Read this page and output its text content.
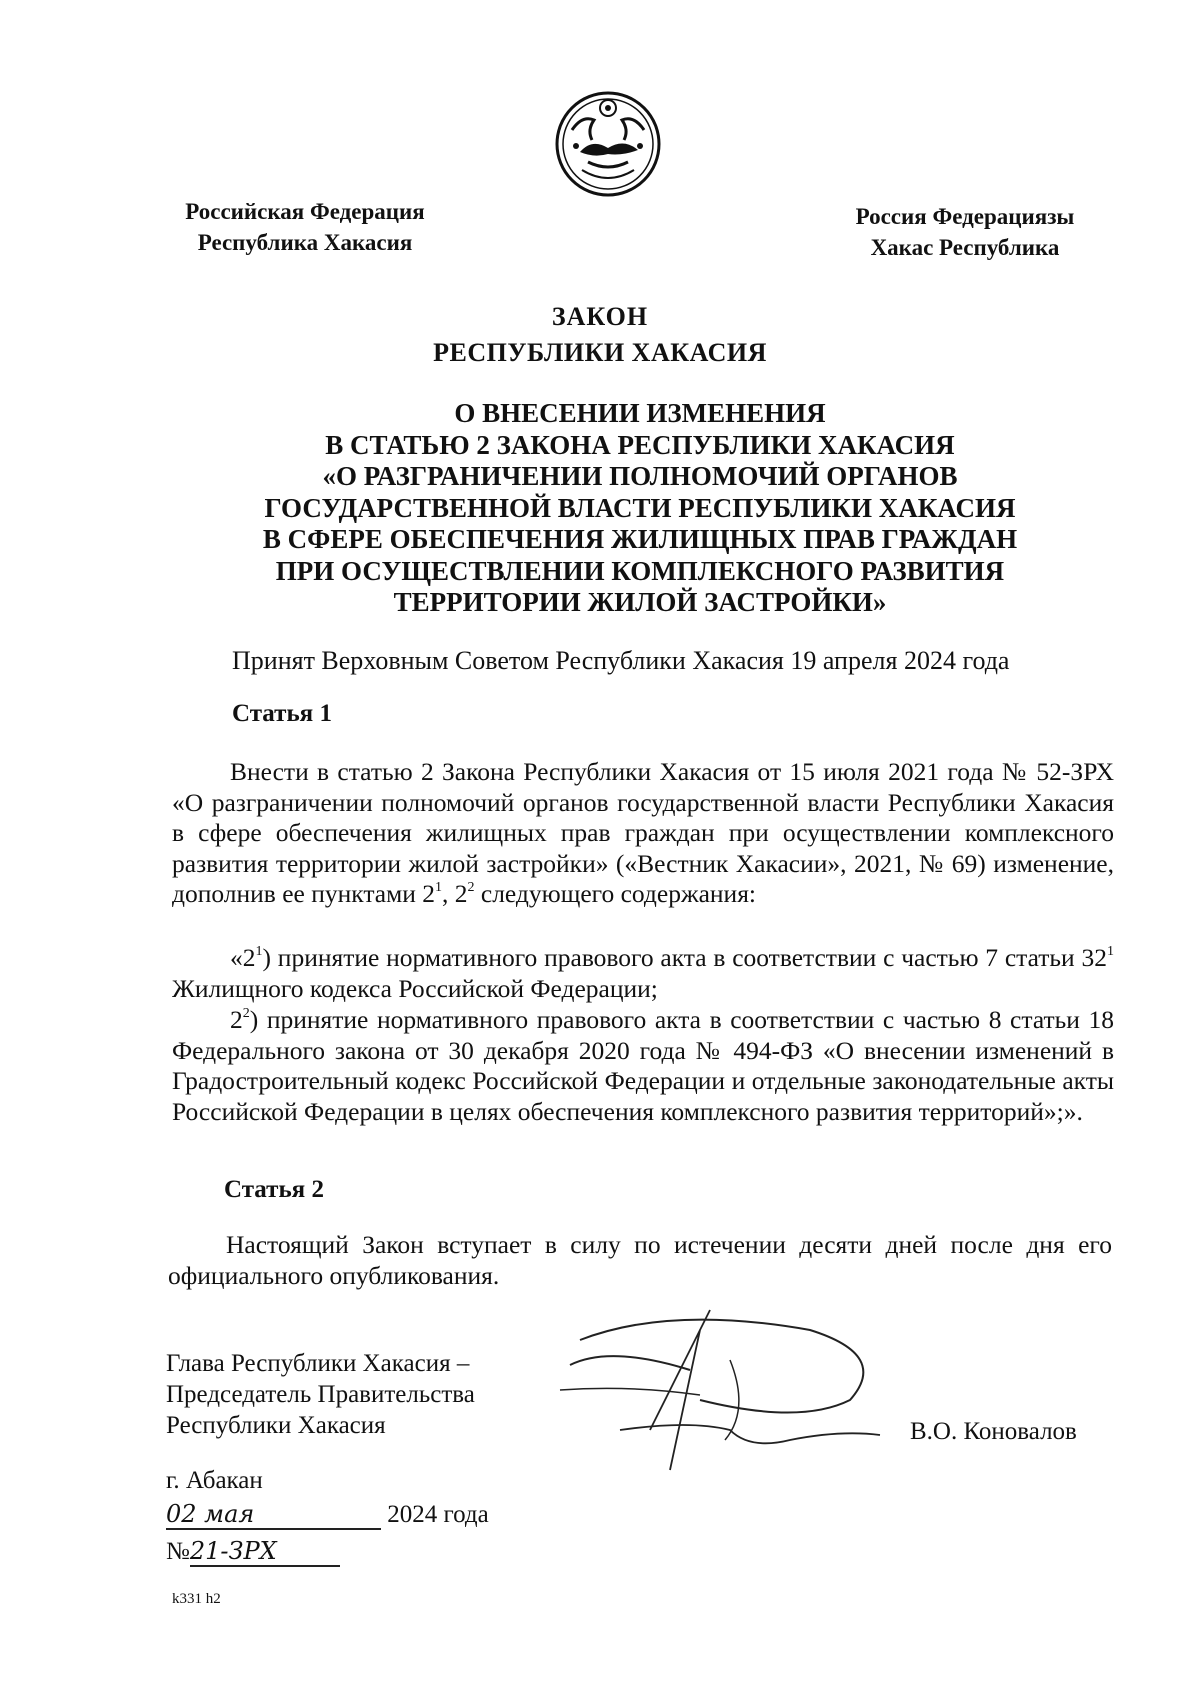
Российская Федерация
Республика Хакасия
Россия Федерациязы
Хакас Республика
ЗАКОН
РЕСПУБЛИКИ ХАКАСИЯ
О ВНЕСЕНИИ ИЗМЕНЕНИЯ
В СТАТЬЮ 2 ЗАКОНА РЕСПУБЛИКИ ХАКАСИЯ
«О РАЗГРАНИЧЕНИИ ПОЛНОМОЧИЙ ОРГАНОВ
ГОСУДАРСТВЕННОЙ ВЛАСТИ РЕСПУБЛИКИ ХАКАСИЯ
В СФЕРЕ ОБЕСПЕЧЕНИЯ ЖИЛИЩНЫХ ПРАВ ГРАЖДАН
ПРИ ОСУЩЕСТВЛЕНИИ КОМПЛЕКСНОГО РАЗВИТИЯ
ТЕРРИТОРИИ ЖИЛОЙ ЗАСТРОЙКИ»
Принят Верховным Советом Республики Хакасия 19 апреля 2024 года
Статья 1
Внести в статью 2 Закона Республики Хакасия от 15 июля 2021 года № 52-ЗРХ «О разграничении полномочий органов государственной власти Республики Хакасия в сфере обеспечения жилищных прав граждан при осуществлении комплексного развития территории жилой застройки» («Вестник Хакасии», 2021, № 69) изменение, дополнив ее пунктами $2^1$, $2^2$ следующего содержания:
«$2^1$) принятие нормативного правового акта в соответствии с частью 7 статьи $32^1$ Жилищного кодекса Российской Федерации;
$2^2$) принятие нормативного правового акта в соответствии с частью 8 статьи 18 Федерального закона от 30 декабря 2020 года № 494-ФЗ «О внесении изменений в Градостроительный кодекс Российской Федерации и отдельные законодательные акты Российской Федерации в целях обеспечения комплексного развития территорий»;».
Статья 2
Настоящий Закон вступает в силу по истечении десяти дней после дня его официального опубликования.
Глава Республики Хакасия –
Председатель Правительства
Республики Хакасия	В.О. Коновалов
г. Абакан
02 мая	2024 года
№21-ЗРХ
k331 h2
